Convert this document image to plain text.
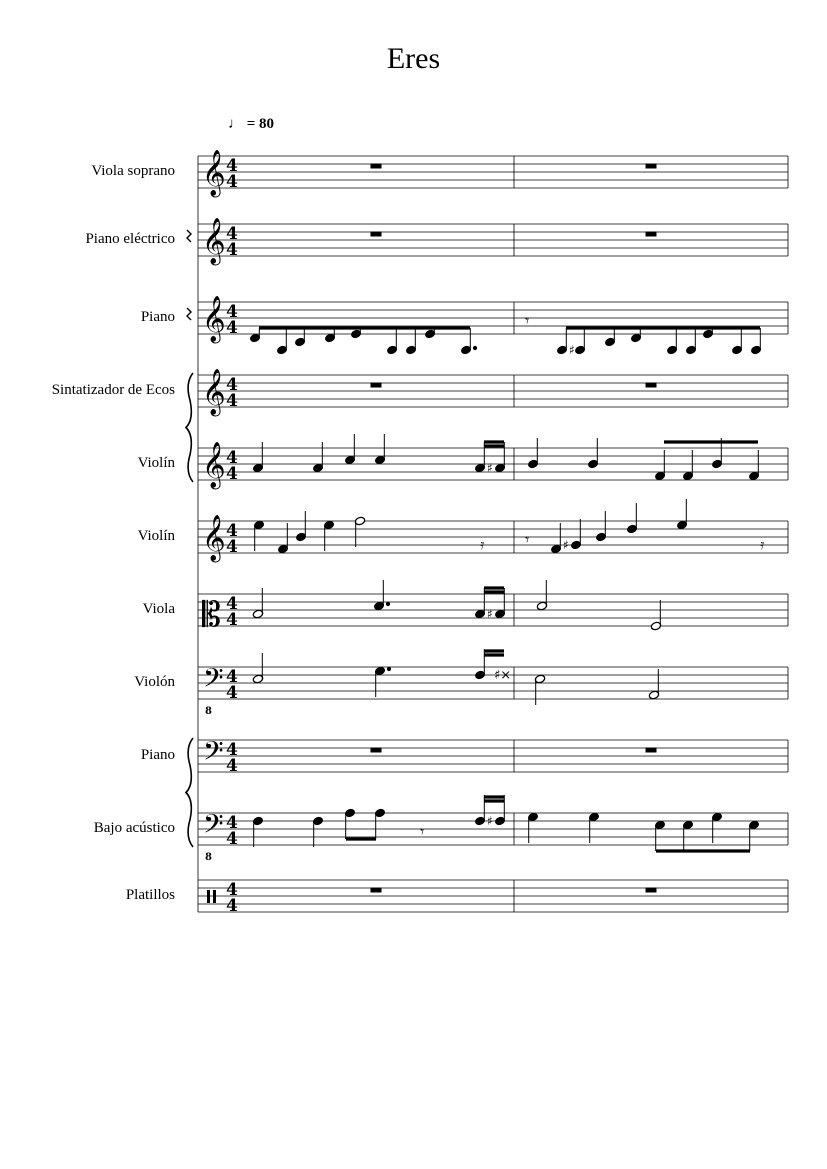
Eres
♩ = 80
Viola soprano
Piano eléctrico
Piano
Sintatizador de Ecos
Violín
Violín
Viola
Violón
Piano
Bajo acústico
Platillos
𝄞 4
4
𝄞 4
4
𝄞 4
4
𝄞 4
4
𝄞 4
4
𝄞 4
4
𝄡 4
4
𝄢
8
4
4
𝄢 4
4
𝄢
8
4
4
4
4
𝄾
♯
𝄿	𝄾	𝄿
♯×
𝄾
♯
♯
♯
♯
